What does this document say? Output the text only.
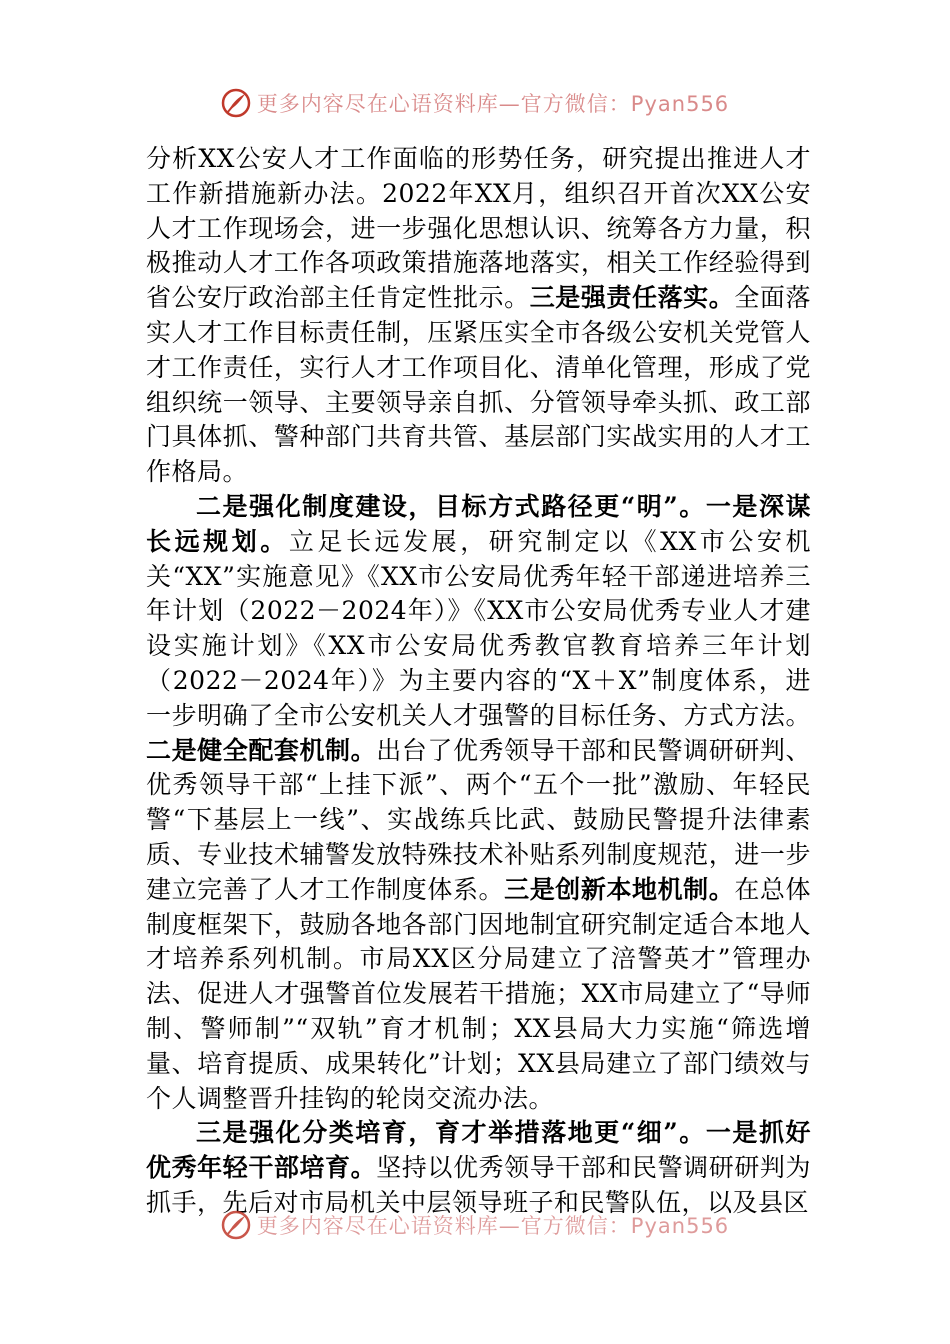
更多内容尽在心语资料库—官方微信：Pyan556

分析XX公安人才工作面临的形势任务，研究提出推进人才工作新措施新办法。2022年XX月，组织召开首次XX公安人才工作现场会，进一步强化思想认识、统筹各方力量，积极推动人才工作各项政策措施落地落实，相关工作经验得到省公安厅政治部主任肯定性批示。三是强责任落实。全面落实人才工作目标责任制，压紧压实全市各级公安机关党管人才工作责任，实行人才工作项目化、清单化管理，形成了党组织统一领导、主要领导亲自抓、分管领导牵头抓、政工部门具体抓、警种部门共育共管、基层部门实战实用的人才工作格局。

二是强化制度建设，目标方式路径更“明”。一是深谋长远规划。立足长远发展，研究制定以《XX市公安机关“XX”实施意见》《XX市公安局优秀年轻干部递进培养三年计划（2022－2024年）》《XX市公安局优秀专业人才建设实施计划》《XX市公安局优秀教官教育培养三年计划（2022－2024年）》为主要内容的“X＋X”制度体系，进一步明确了全市公安机关人才强警的目标任务、方式方法。二是健全配套机制。出台了优秀领导干部和民警调研研判、优秀领导干部“上挂下派”、两个“五个一批”激励、年轻民警“下基层上一线”、实战练兵比武、鼓励民警提升法律素质、专业技术辅警发放特殊技术补贴系列制度规范，进一步建立完善了人才工作制度体系。三是创新本地机制。在总体制度框架下，鼓励各地各部门因地制宜研究制定适合本地人才培养系列机制。市局XX区分局建立了涪警英才”管理办法、促进人才强警首位发展若干措施；XX市局建立了“导师制、警师制”“双轨”育才机制；XX县局大力实施“筛选增量、培育提质、成果转化”计划；XX县局建立了部门绩效与个人调整晋升挂钩的轮岗交流办法。

三是强化分类培育，育才举措落地更“细”。一是抓好优秀年轻干部培育。坚持以优秀领导干部和民警调研研判为抓手，先后对市局机关中层领导班子和民警队伍，以及县区

更多内容尽在心语资料库—官方微信：Pyan556
